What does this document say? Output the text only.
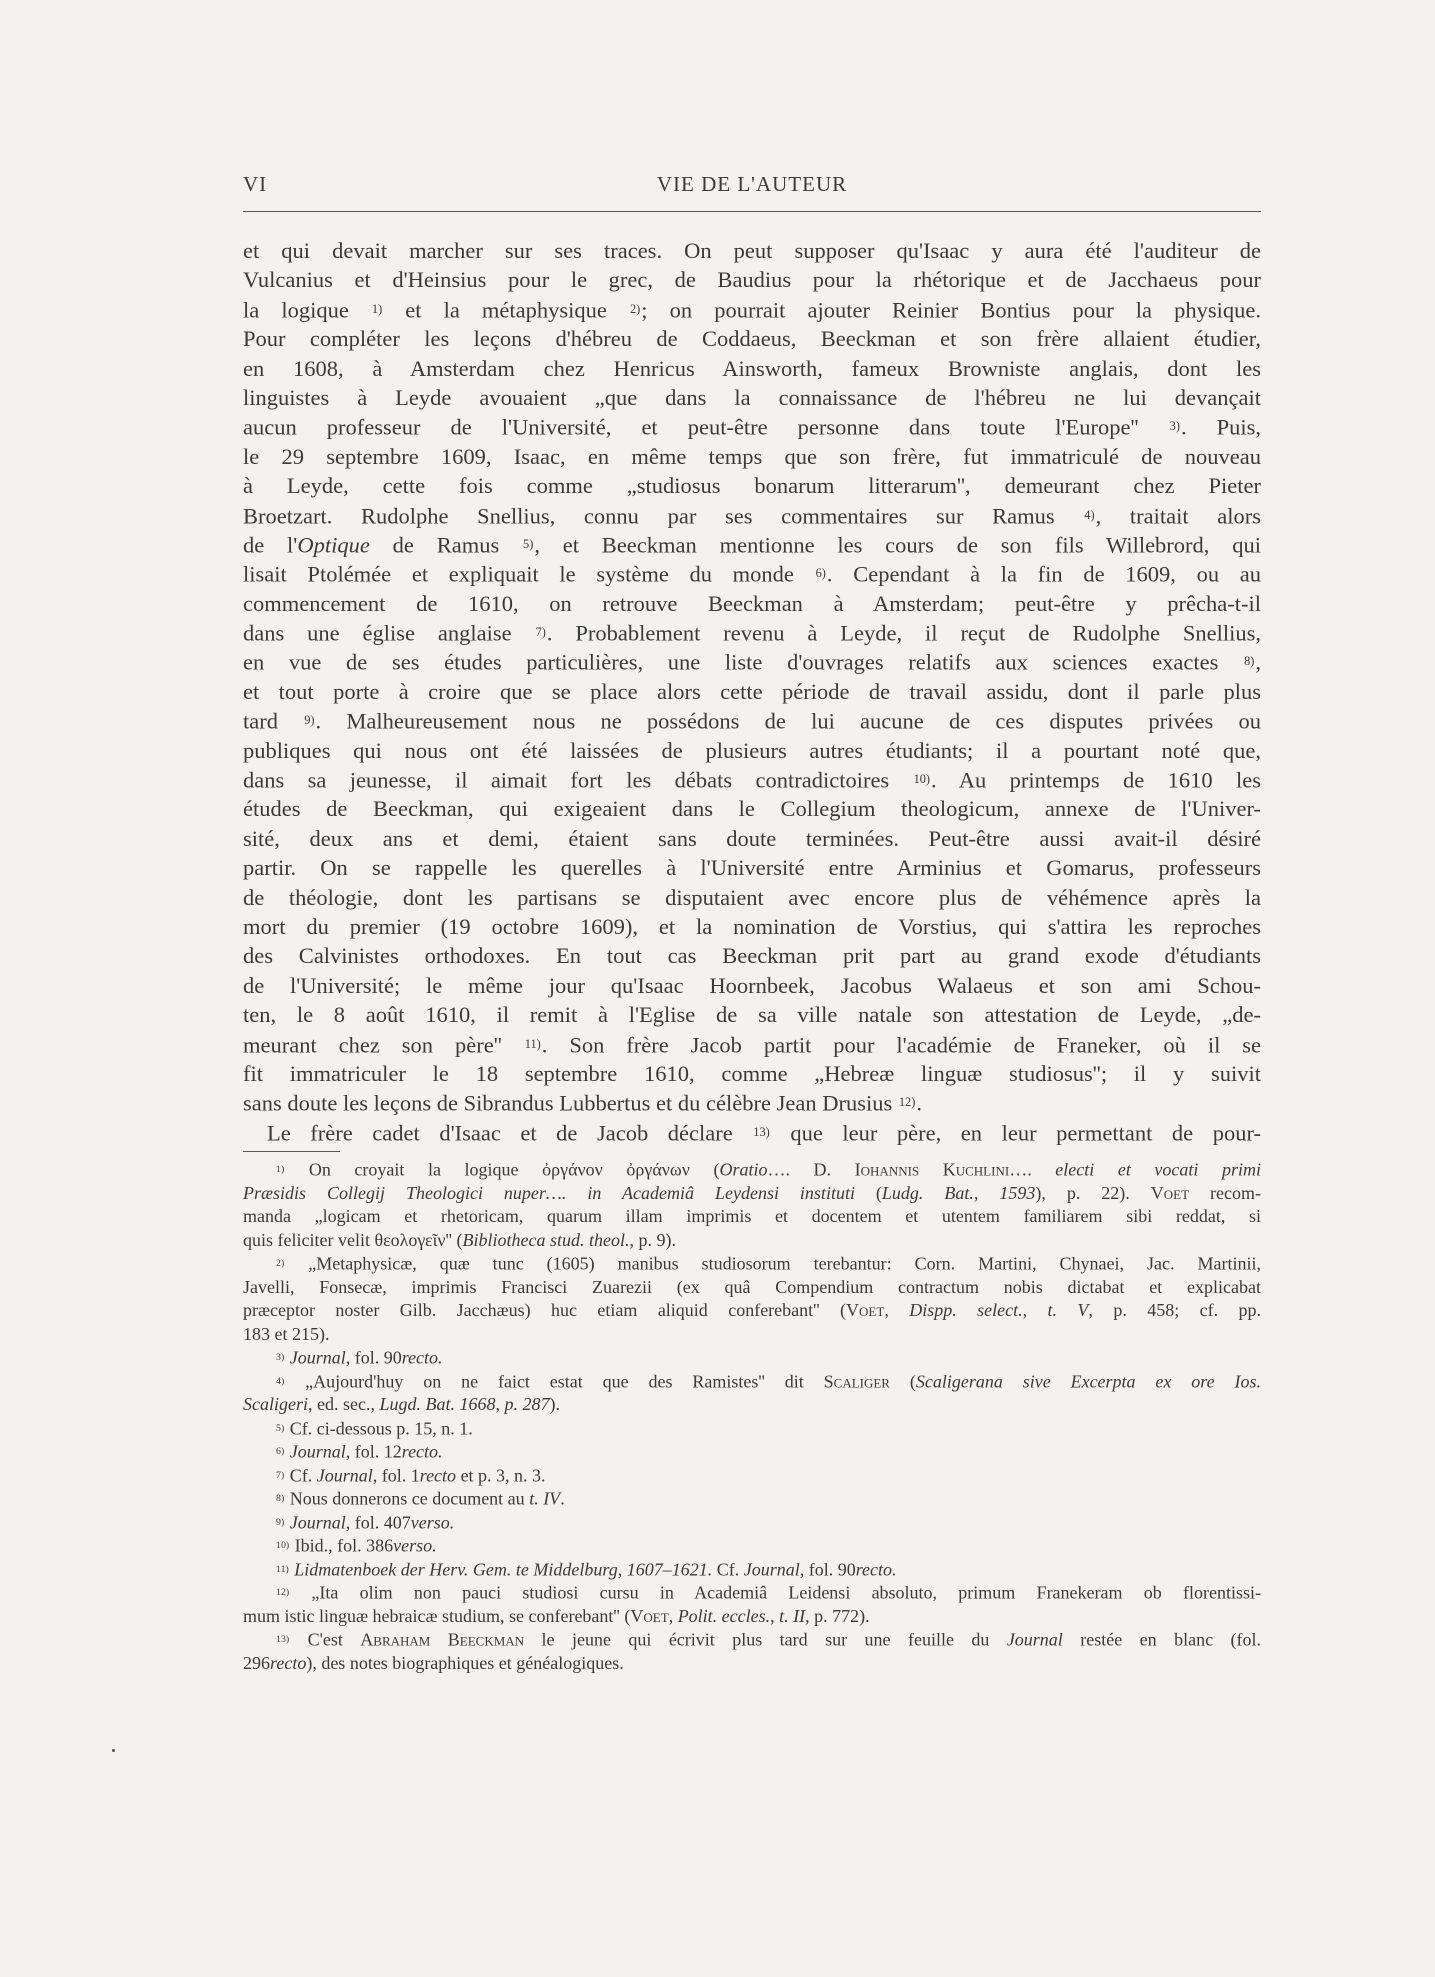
VI	VIE DE L'AUTEUR
et qui devait marcher sur ses traces. On peut supposer qu'Isaac y aura été l'auditeur de
Vulcanius et d'Heinsius pour le grec, de Baudius pour la rhétorique et de Jacchaeus pour
la logique $^{1)}$ et la métaphysique $^{2)}$; on pourrait ajouter Reinier Bontius pour la physique.
Pour compléter les leçons d'hébreu de Coddaeus, Beeckman et son frère allaient étudier,
en 1608, à Amsterdam chez Henricus Ainsworth, fameux Browniste anglais, dont les
linguistes à Leyde avouaient „que dans la connaissance de l'hébreu ne lui devançait
aucun professeur de l'Université, et peut-être personne dans toute l'Europe'' $^{3)}$. Puis,
le 29 septembre 1609, Isaac, en même temps que son frère, fut immatriculé de nouveau
à Leyde, cette fois comme „studiosus bonarum litterarum'', demeurant chez Pieter
Broetzart. Rudolphe Snellius, connu par ses commentaires sur Ramus $^{4)}$, traitait alors
de l'Optique de Ramus $^{5)}$, et Beeckman mentionne les cours de son fils Willebrord, qui
lisait Ptolémée et expliquait le système du monde $^{6)}$. Cependant à la fin de 1609, ou au
commencement de 1610, on retrouve Beeckman à Amsterdam; peut-être y prêcha-t-il
dans une église anglaise $^{7)}$. Probablement revenu à Leyde, il reçut de Rudolphe Snellius,
en vue de ses études particulières, une liste d'ouvrages relatifs aux sciences exactes $^{8)}$,
et tout porte à croire que se place alors cette période de travail assidu, dont il parle plus
tard $^{9)}$. Malheureusement nous ne possédons de lui aucune de ces disputes privées ou
publiques qui nous ont été laissées de plusieurs autres étudiants; il a pourtant noté que,
dans sa jeunesse, il aimait fort les débats contradictoires $^{10)}$. Au printemps de 1610 les
études de Beeckman, qui exigeaient dans le Collegium theologicum, annexe de l'Univer-
sité, deux ans et demi, étaient sans doute terminées. Peut-être aussi avait-il désiré
partir. On se rappelle les querelles à l'Université entre Arminius et Gomarus, professeurs
de théologie, dont les partisans se disputaient avec encore plus de véhémence après la
mort du premier (19 octobre 1609), et la nomination de Vorstius, qui s'attira les reproches
des Calvinistes orthodoxes. En tout cas Beeckman prit part au grand exode d'étudiants
de l'Université; le même jour qu'Isaac Hoornbeek, Jacobus Walaeus et son ami Schou-
ten, le 8 août 1610, il remit à l'Eglise de sa ville natale son attestation de Leyde, „de-
meurant chez son père'' $^{11)}$. Son frère Jacob partit pour l'académie de Franeker, où il se
fit immatriculer le 18 septembre 1610, comme „Hebreæ linguæ studiosus''; il y suivit
sans doute les leçons de Sibrandus Lubbertus et du célèbre Jean Drusius $^{12)}$.
Le frère cadet d'Isaac et de Jacob déclare $^{13)}$ que leur père, en leur permettant de pour-
$^{1)}$ On croyait la logique ὀργάνον ὀργάνων (Oratio…. D. Iohannis Kuchlini…. electi et vocati primi
Præsidis Collegij Theologici nuper…. in Academiâ Leydensi instituti (Ludg. Bat., 1593), p. 22). Voet recom-
manda „logicam et rhetoricam, quarum illam imprimis et docentem et utentem familiarem sibi reddat, si
quis feliciter velit θεολογεῖν'' (Bibliotheca stud. theol., p. 9).
$^{2)}$ „Metaphysicæ, quæ tunc (1605) manibus studiosorum terebantur: Corn. Martini, Chynaei, Jac. Martinii,
Javelli, Fonsecæ, imprimis Francisci Zuarezii (ex quâ Compendium contractum nobis dictabat et explicabat
præceptor noster Gilb. Jacchæus) huc etiam aliquid conferebant'' (Voet, Dispp. select., t. V, p. 458; cf. pp.
183 et 215).
$^{3)}$ Journal, fol. 90recto.
$^{4)}$ „Aujourd'huy on ne faict estat que des Ramistes'' dit Scaliger (Scaligerana sive Excerpta ex ore Ios.
Scaligeri, ed. sec., Lugd. Bat. 1668, p. 287).
$^{5)}$ Cf. ci-dessous p. 15, n. 1.
$^{6)}$ Journal, fol. 12recto.
$^{7)}$ Cf. Journal, fol. 1recto et p. 3, n. 3.
$^{8)}$ Nous donnerons ce document au t. IV.
$^{9)}$ Journal, fol. 407verso.
$^{10)}$ Ibid., fol. 386verso.
$^{11)}$ Lidmatenboek der Herv. Gem. te Middelburg, 1607–1621. Cf. Journal, fol. 90recto.
$^{12)}$ „Ita olim non pauci studiosi cursu in Academiâ Leidensi absoluto, primum Franekeram ob florentissi-
mum istic linguæ hebraicæ studium, se conferebant'' (Voet, Polit. eccles., t. II, p. 772).
$^{13)}$ C'est Abraham Beeckman le jeune qui écrivit plus tard sur une feuille du Journal restée en blanc (fol.
296recto), des notes biographiques et généalogiques.
